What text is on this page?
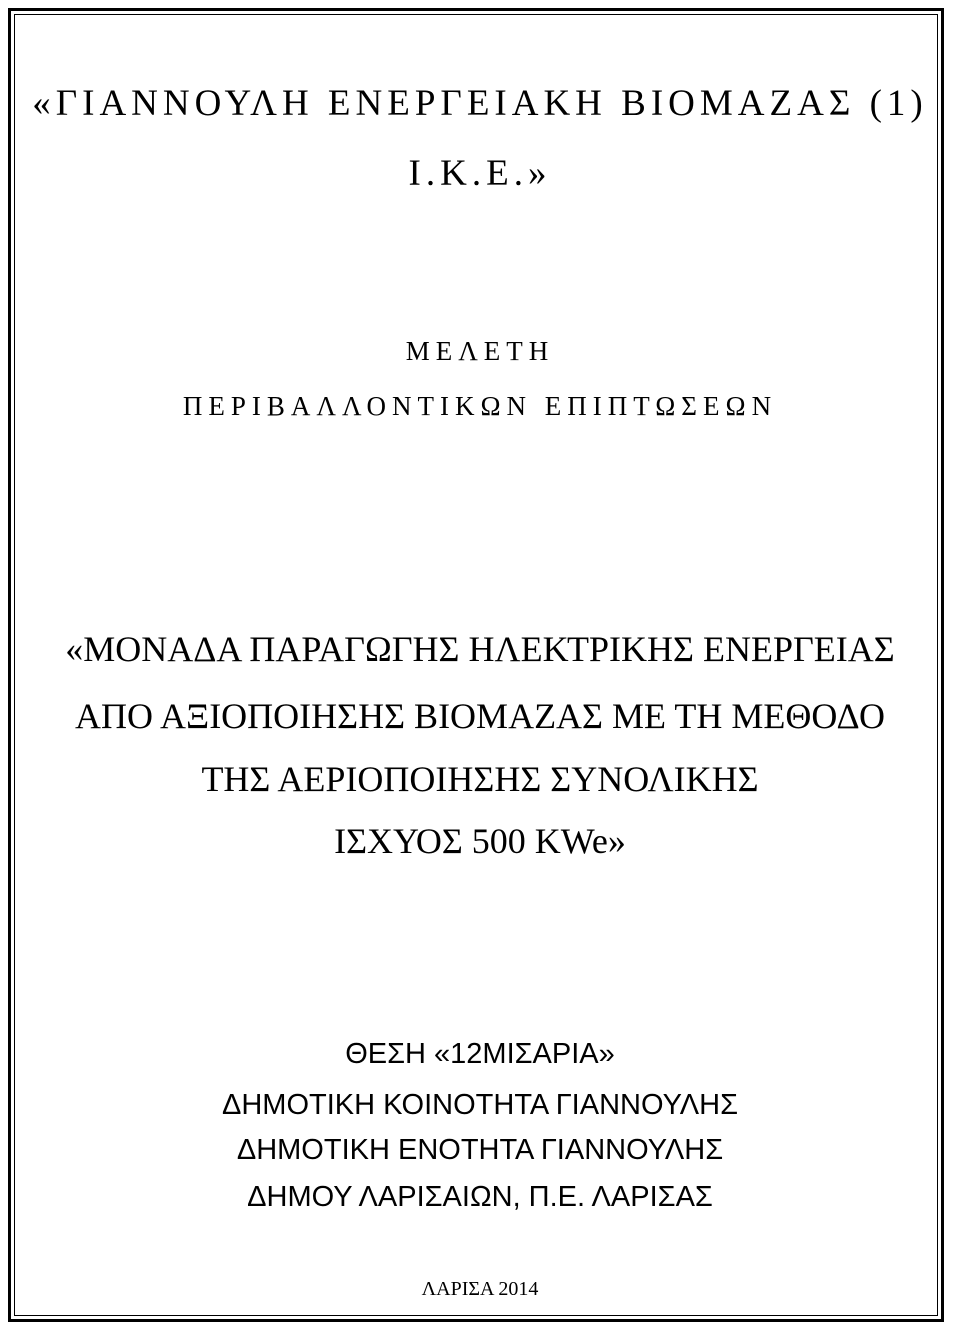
«ΓΙΑΝΝΟΥΛΗ ΕΝΕΡΓΕΙΑΚΗ ΒΙΟΜΑΖΑΣ (1)
Ι.Κ.Ε.»
ΜΕΛΕΤΗ
ΠΕΡΙΒΑΛΛΟΝΤΙΚΩΝ ΕΠΙΠΤΩΣΕΩΝ
«ΜΟΝΑΔΑ ΠΑΡΑΓΩΓΗΣ ΗΛΕΚΤΡΙΚΗΣ ΕΝΕΡΓΕΙΑΣ
ΑΠΟ ΑΞΙΟΠΟΙΗΣΗΣ ΒΙΟΜΑΖΑΣ ΜΕ ΤΗ ΜΕΘΟΔΟ
ΤΗΣ ΑΕΡΙΟΠΟΙΗΣΗΣ ΣΥΝΟΛΙΚΗΣ
ΙΣΧΥΟΣ 500 KWe»
ΘΕΣΗ «12ΜΙΣΑΡΙΑ»
ΔΗΜΟΤΙΚΗ ΚΟΙΝΟΤΗΤΑ ΓΙΑΝΝΟΥΛΗΣ
ΔΗΜΟΤΙΚΗ ΕΝΟΤΗΤΑ ΓΙΑΝΝΟΥΛΗΣ
ΔΗΜΟΥ ΛΑΡΙΣΑΙΩΝ, Π.Ε. ΛΑΡΙΣΑΣ
ΛΑΡΙΣΑ 2014
